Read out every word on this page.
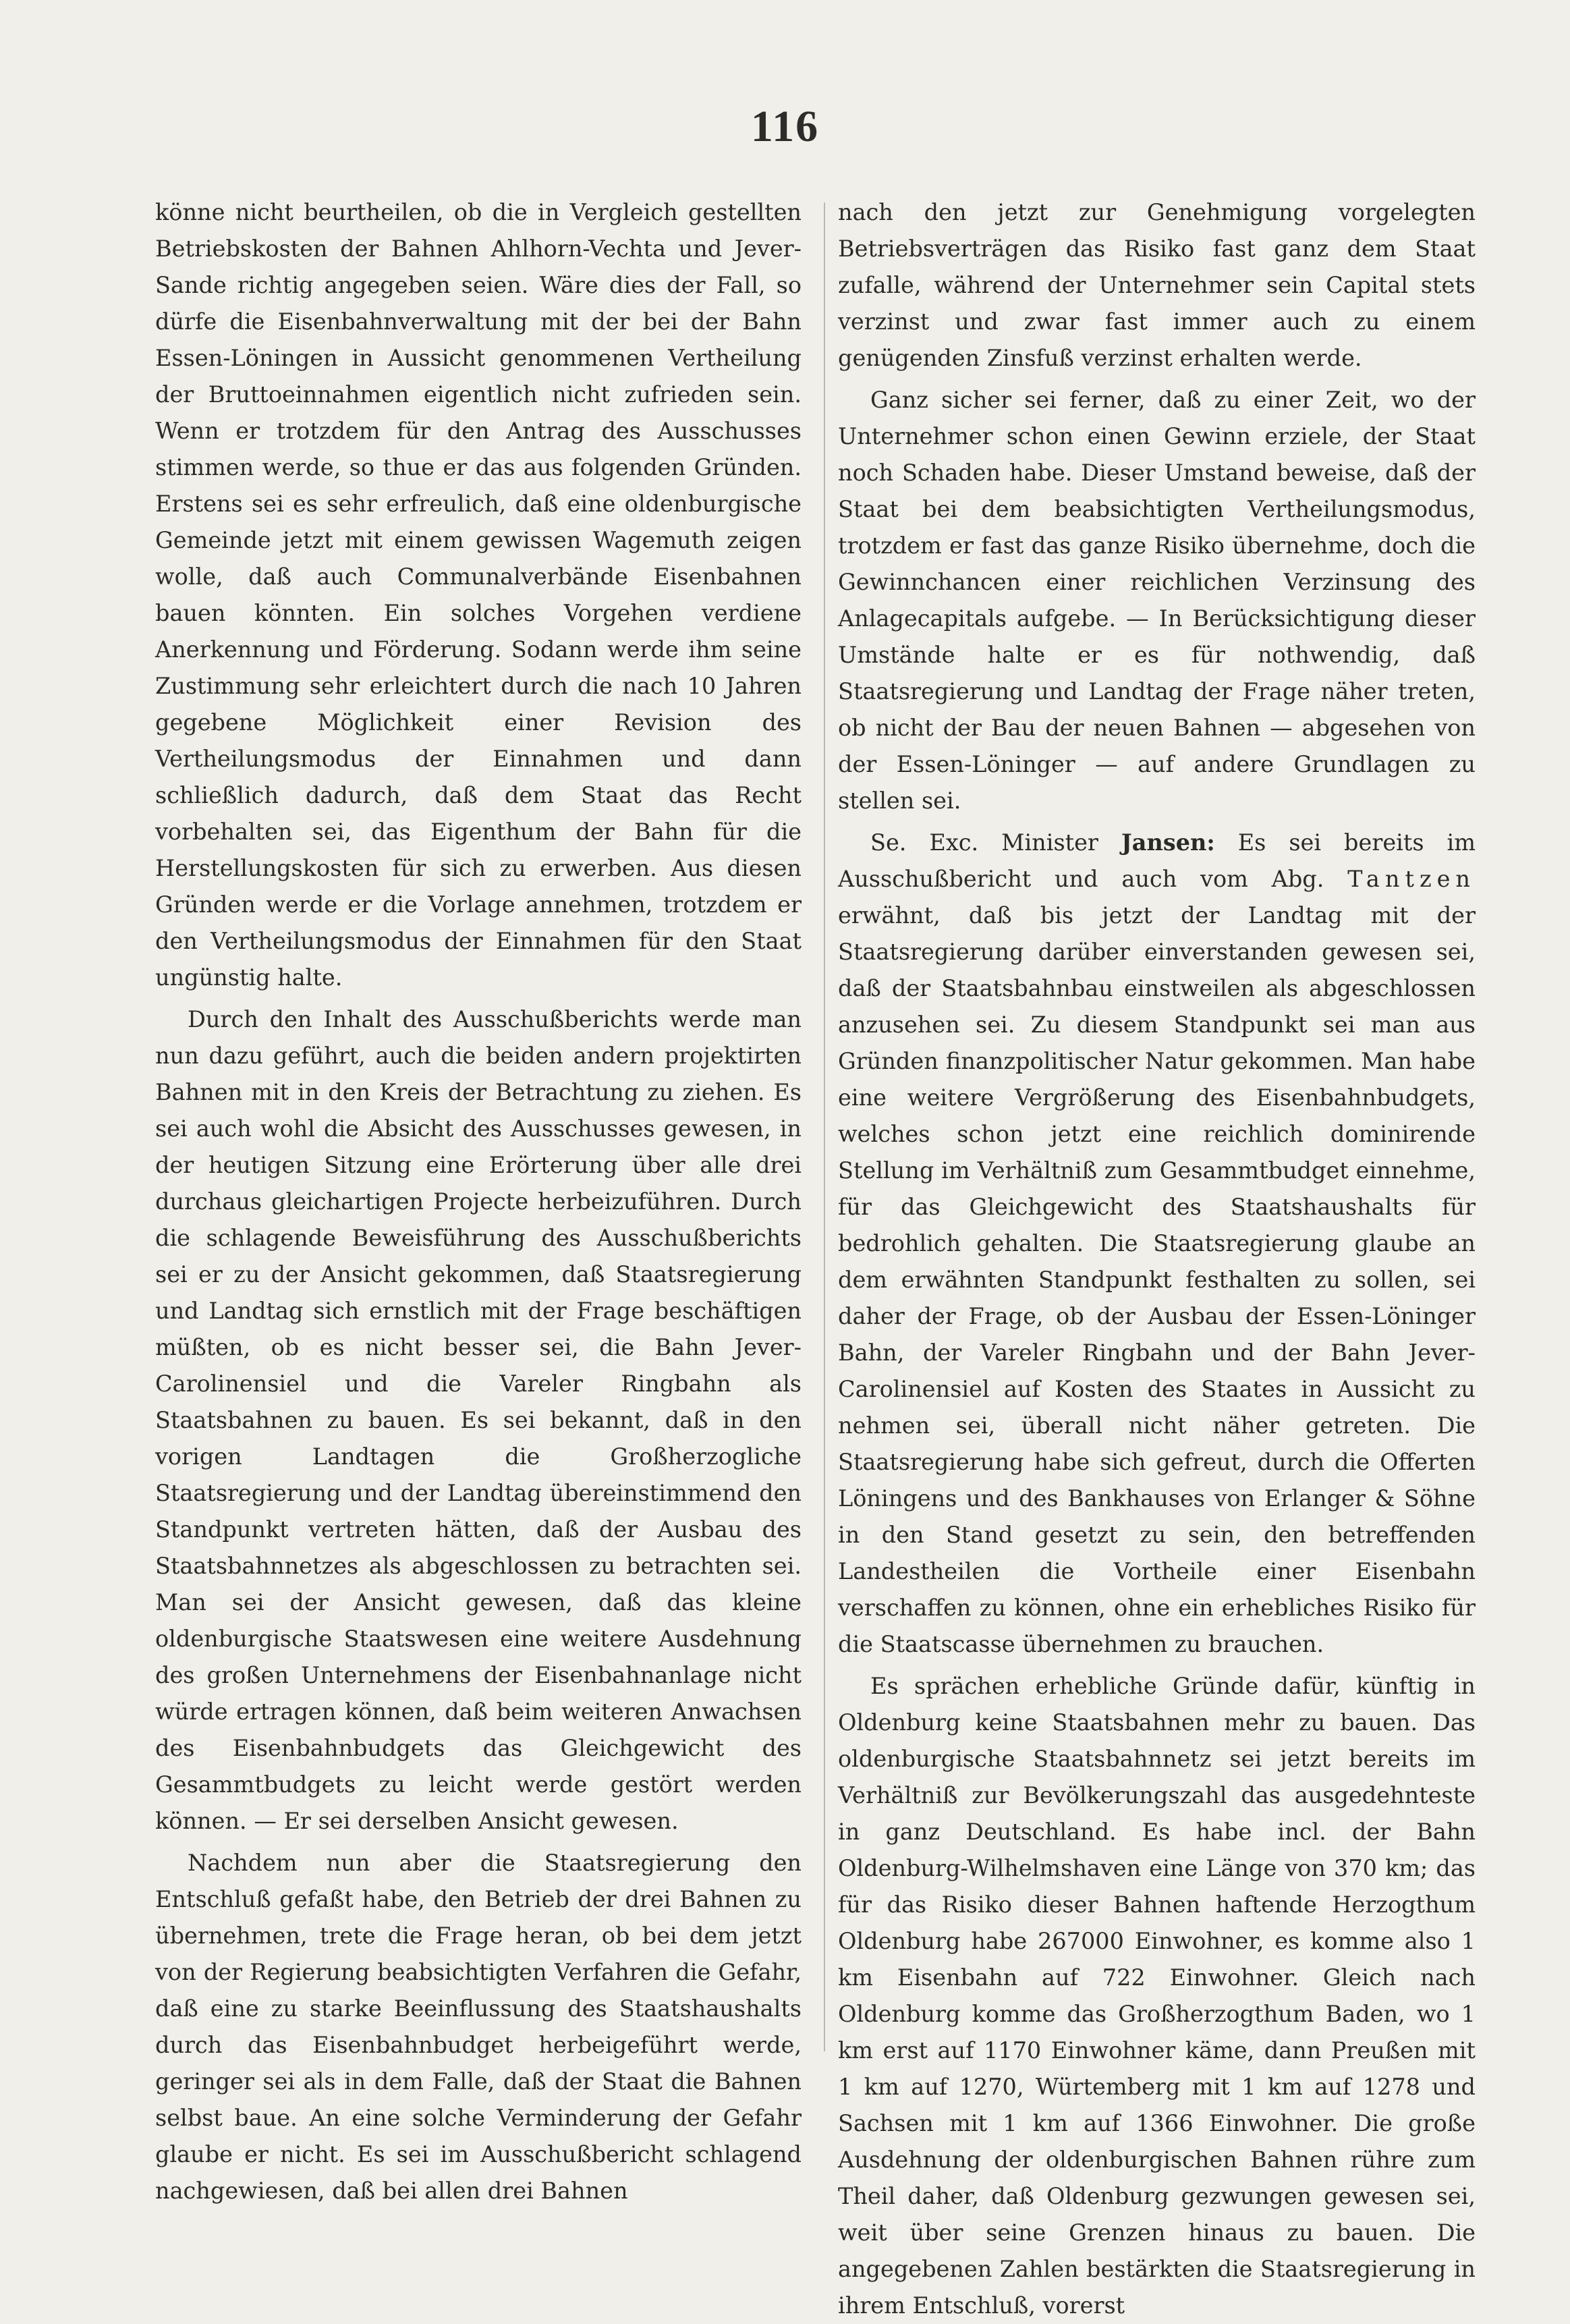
116

könne nicht beurtheilen, ob die in Vergleich gestellten Betriebskosten der Bahnen Ahlhorn-Vechta und Jever-Sande richtig angegeben seien. Wäre dies der Fall, so dürfe die Eisenbahnverwaltung mit der bei der Bahn Essen-Löningen in Aussicht genommenen Vertheilung der Bruttoeinnahmen eigentlich nicht zufrieden sein. Wenn er trotzdem für den Antrag des Ausschusses stimmen werde, so thue er das aus folgenden Gründen. Erstens sei es sehr erfreulich, daß eine oldenburgische Gemeinde jetzt mit einem gewissen Wagemuth zeigen wolle, daß auch Communalverbände Eisenbahnen bauen könnten. Ein solches Vorgehen verdiene Anerkennung und Förderung. Sodann werde ihm seine Zustimmung sehr erleichtert durch die nach 10 Jahren gegebene Möglichkeit einer Revision des Vertheilungsmodus der Einnahmen und dann schließlich dadurch, daß dem Staat das Recht vorbehalten sei, das Eigenthum der Bahn für die Herstellungskosten für sich zu erwerben. Aus diesen Gründen werde er die Vorlage annehmen, trotzdem er den Vertheilungsmodus der Einnahmen für den Staat ungünstig halte.

Durch den Inhalt des Ausschußberichts werde man nun dazu geführt, auch die beiden andern projektirten Bahnen mit in den Kreis der Betrachtung zu ziehen. Es sei auch wohl die Absicht des Ausschusses gewesen, in der heutigen Sitzung eine Erörterung über alle drei durchaus gleichartigen Projecte herbeizuführen. Durch die schlagende Beweisführung des Ausschußberichts sei er zu der Ansicht gekommen, daß Staatsregierung und Landtag sich ernstlich mit der Frage beschäftigen müßten, ob es nicht besser sei, die Bahn Jever-Carolinensiel und die Vareler Ringbahn als Staatsbahnen zu bauen. Es sei bekannt, daß in den vorigen Landtagen die Großherzogliche Staatsregierung und der Landtag übereinstimmend den Standpunkt vertreten hätten, daß der Ausbau des Staatsbahnnetzes als abgeschlossen zu betrachten sei. Man sei der Ansicht gewesen, daß das kleine oldenburgische Staatswesen eine weitere Ausdehnung des großen Unternehmens der Eisenbahnanlage nicht würde ertragen können, daß beim weiteren Anwachsen des Eisenbahnbudgets das Gleichgewicht des Gesammtbudgets zu leicht werde gestört werden können. — Er sei derselben Ansicht gewesen.

Nachdem nun aber die Staatsregierung den Entschluß gefaßt habe, den Betrieb der drei Bahnen zu übernehmen, trete die Frage heran, ob bei dem jetzt von der Regierung beabsichtigten Verfahren die Gefahr, daß eine zu starke Beeinflussung des Staatshaushalts durch das Eisenbahnbudget herbeigeführt werde, geringer sei als in dem Falle, daß der Staat die Bahnen selbst baue. An eine solche Verminderung der Gefahr glaube er nicht. Es sei im Ausschußbericht schlagend nachgewiesen, daß bei allen drei Bahnen

nach den jetzt zur Genehmigung vorgelegten Betriebsverträgen das Risiko fast ganz dem Staat zufalle, während der Unternehmer sein Capital stets verzinst und zwar fast immer auch zu einem genügenden Zinsfuß verzinst erhalten werde.

Ganz sicher sei ferner, daß zu einer Zeit, wo der Unternehmer schon einen Gewinn erziele, der Staat noch Schaden habe. Dieser Umstand beweise, daß der Staat bei dem beabsichtigten Vertheilungsmodus, trotzdem er fast das ganze Risiko übernehme, doch die Gewinnchancen einer reichlichen Verzinsung des Anlagecapitals aufgebe. — In Berücksichtigung dieser Umstände halte er es für nothwendig, daß Staatsregierung und Landtag der Frage näher treten, ob nicht der Bau der neuen Bahnen — abgesehen von der Essen-Löninger — auf andere Grundlagen zu stellen sei.

Se. Exc. Minister Jansen: Es sei bereits im Ausschußbericht und auch vom Abg. Tantzen erwähnt, daß bis jetzt der Landtag mit der Staatsregierung darüber einverstanden gewesen sei, daß der Staatsbahnbau einstweilen als abgeschlossen anzusehen sei. Zu diesem Standpunkt sei man aus Gründen finanzpolitischer Natur gekommen. Man habe eine weitere Vergrößerung des Eisenbahnbudgets, welches schon jetzt eine reichlich dominirende Stellung im Verhältniß zum Gesammtbudget einnehme, für das Gleichgewicht des Staatshaushalts für bedrohlich gehalten. Die Staatsregierung glaube an dem erwähnten Standpunkt festhalten zu sollen, sei daher der Frage, ob der Ausbau der Essen-Löninger Bahn, der Vareler Ringbahn und der Bahn Jever-Carolinensiel auf Kosten des Staates in Aussicht zu nehmen sei, überall nicht näher getreten. Die Staatsregierung habe sich gefreut, durch die Offerten Löningens und des Bankhauses von Erlanger & Söhne in den Stand gesetzt zu sein, den betreffenden Landestheilen die Vortheile einer Eisenbahn verschaffen zu können, ohne ein erhebliches Risiko für die Staatscasse übernehmen zu brauchen.

Es sprächen erhebliche Gründe dafür, künftig in Oldenburg keine Staatsbahnen mehr zu bauen. Das oldenburgische Staatsbahnnetz sei jetzt bereits im Verhältniß zur Bevölkerungszahl das ausgedehnteste in ganz Deutschland. Es habe incl. der Bahn Oldenburg-Wilhelmshaven eine Länge von 370 km; das für das Risiko dieser Bahnen haftende Herzogthum Oldenburg habe 267000 Einwohner, es komme also 1 km Eisenbahn auf 722 Einwohner. Gleich nach Oldenburg komme das Großherzogthum Baden, wo 1 km erst auf 1170 Einwohner käme, dann Preußen mit 1 km auf 1270, Würtemberg mit 1 km auf 1278 und Sachsen mit 1 km auf 1366 Einwohner. Die große Ausdehnung der oldenburgischen Bahnen rühre zum Theil daher, daß Oldenburg gezwungen gewesen sei, weit über seine Grenzen hinaus zu bauen. Die angegebenen Zahlen bestärkten die Staatsregierung in ihrem Entschluß, vorerst
